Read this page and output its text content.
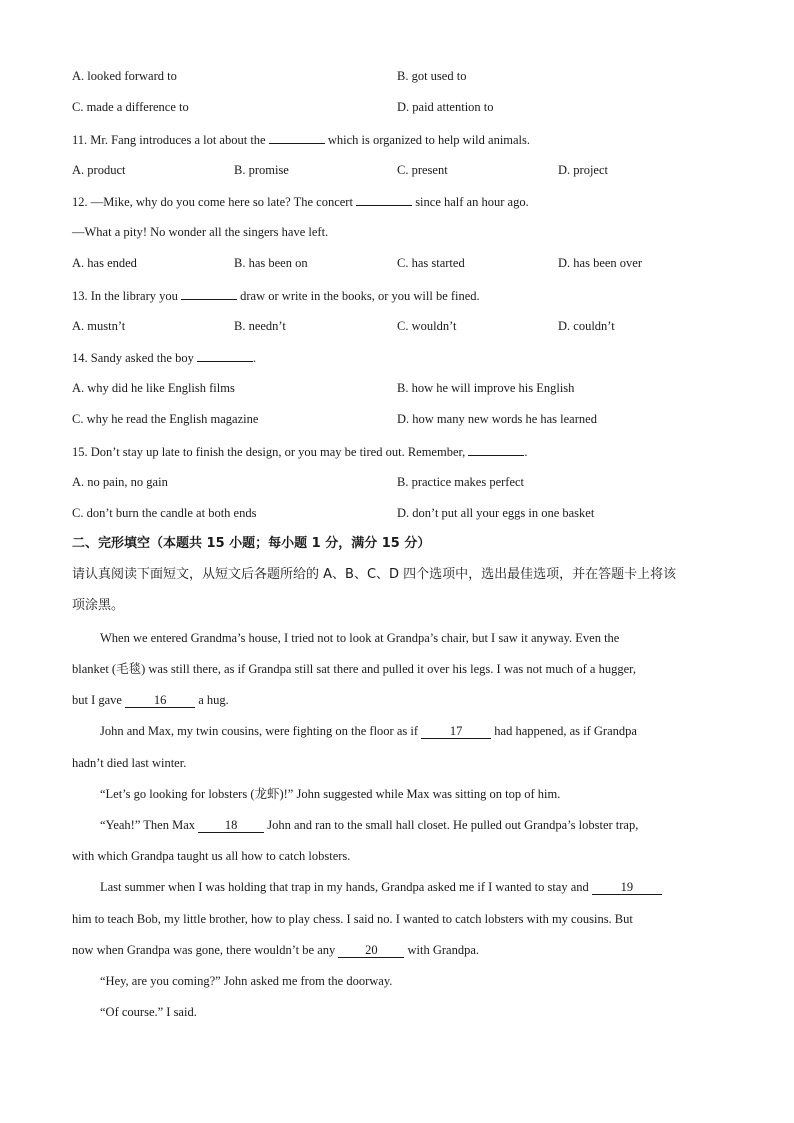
A. looked forward to	B. got used to
C. made a difference to	D. paid attention to
11. Mr. Fang introduces a lot about the	which is organized to help wild animals.
A. product	B. promise	C. present	D. project
12. —Mike, why do you come here so late? The concert	since half an hour ago.
—What a pity! No wonder all the singers have left.
A. has ended	B. has been on	C. has started	D. has been over
13. In the library you	draw or write in the books, or you will be fined.
A. mustn’t	B. needn’t	C. wouldn’t	D. couldn’t
14. Sandy asked the boy	.
A. why did he like English films	B. how he will improve his English
C. why he read the English magazine	D. how many new words he has learned
15. Don’t stay up late to finish the design, or you may be tired out. Remember,	.
A. no pain, no gain	B. practice makes perfect
C. don’t burn the candle at both ends	D. don’t put all your eggs in one basket
二、完形填空（本题共 15 小题；每小题 1 分，满分 15 分）
请认真阅读下面短文，从短文后各题所给的 A、B、C、D 四个选项中，选出最佳选项，并在答题卡上将该
项涂黑。
When we entered Grandma’s house, I tried not to look at Grandpa’s chair, but I saw it anyway. Even the
blanket (毛毯) was still there, as if Grandpa still sat there and pulled it over his legs. I was not much of a hugger,
but I gave	16	a hug.
John and Max, my twin cousins, were fighting on the floor as if	17	had happened, as if Grandpa
hadn’t died last winter.
“Let’s go looking for lobsters (龙虾)!” John suggested while Max was sitting on top of him.
“Yeah!” Then Max 18 John and ran to the small hall closet. He pulled out Grandpa’s lobster trap,
with which Grandpa taught us all how to catch lobsters.
Last summer when I was holding that trap in my hands, Grandpa asked me if I wanted to stay and	19
him to teach Bob, my little brother, how to play chess. I said no. I wanted to catch lobsters with my cousins. But
now when Grandpa was gone, there wouldn’t be any 20 with Grandpa.
“Hey, are you coming?” John asked me from the doorway.
“Of course.” I said.
